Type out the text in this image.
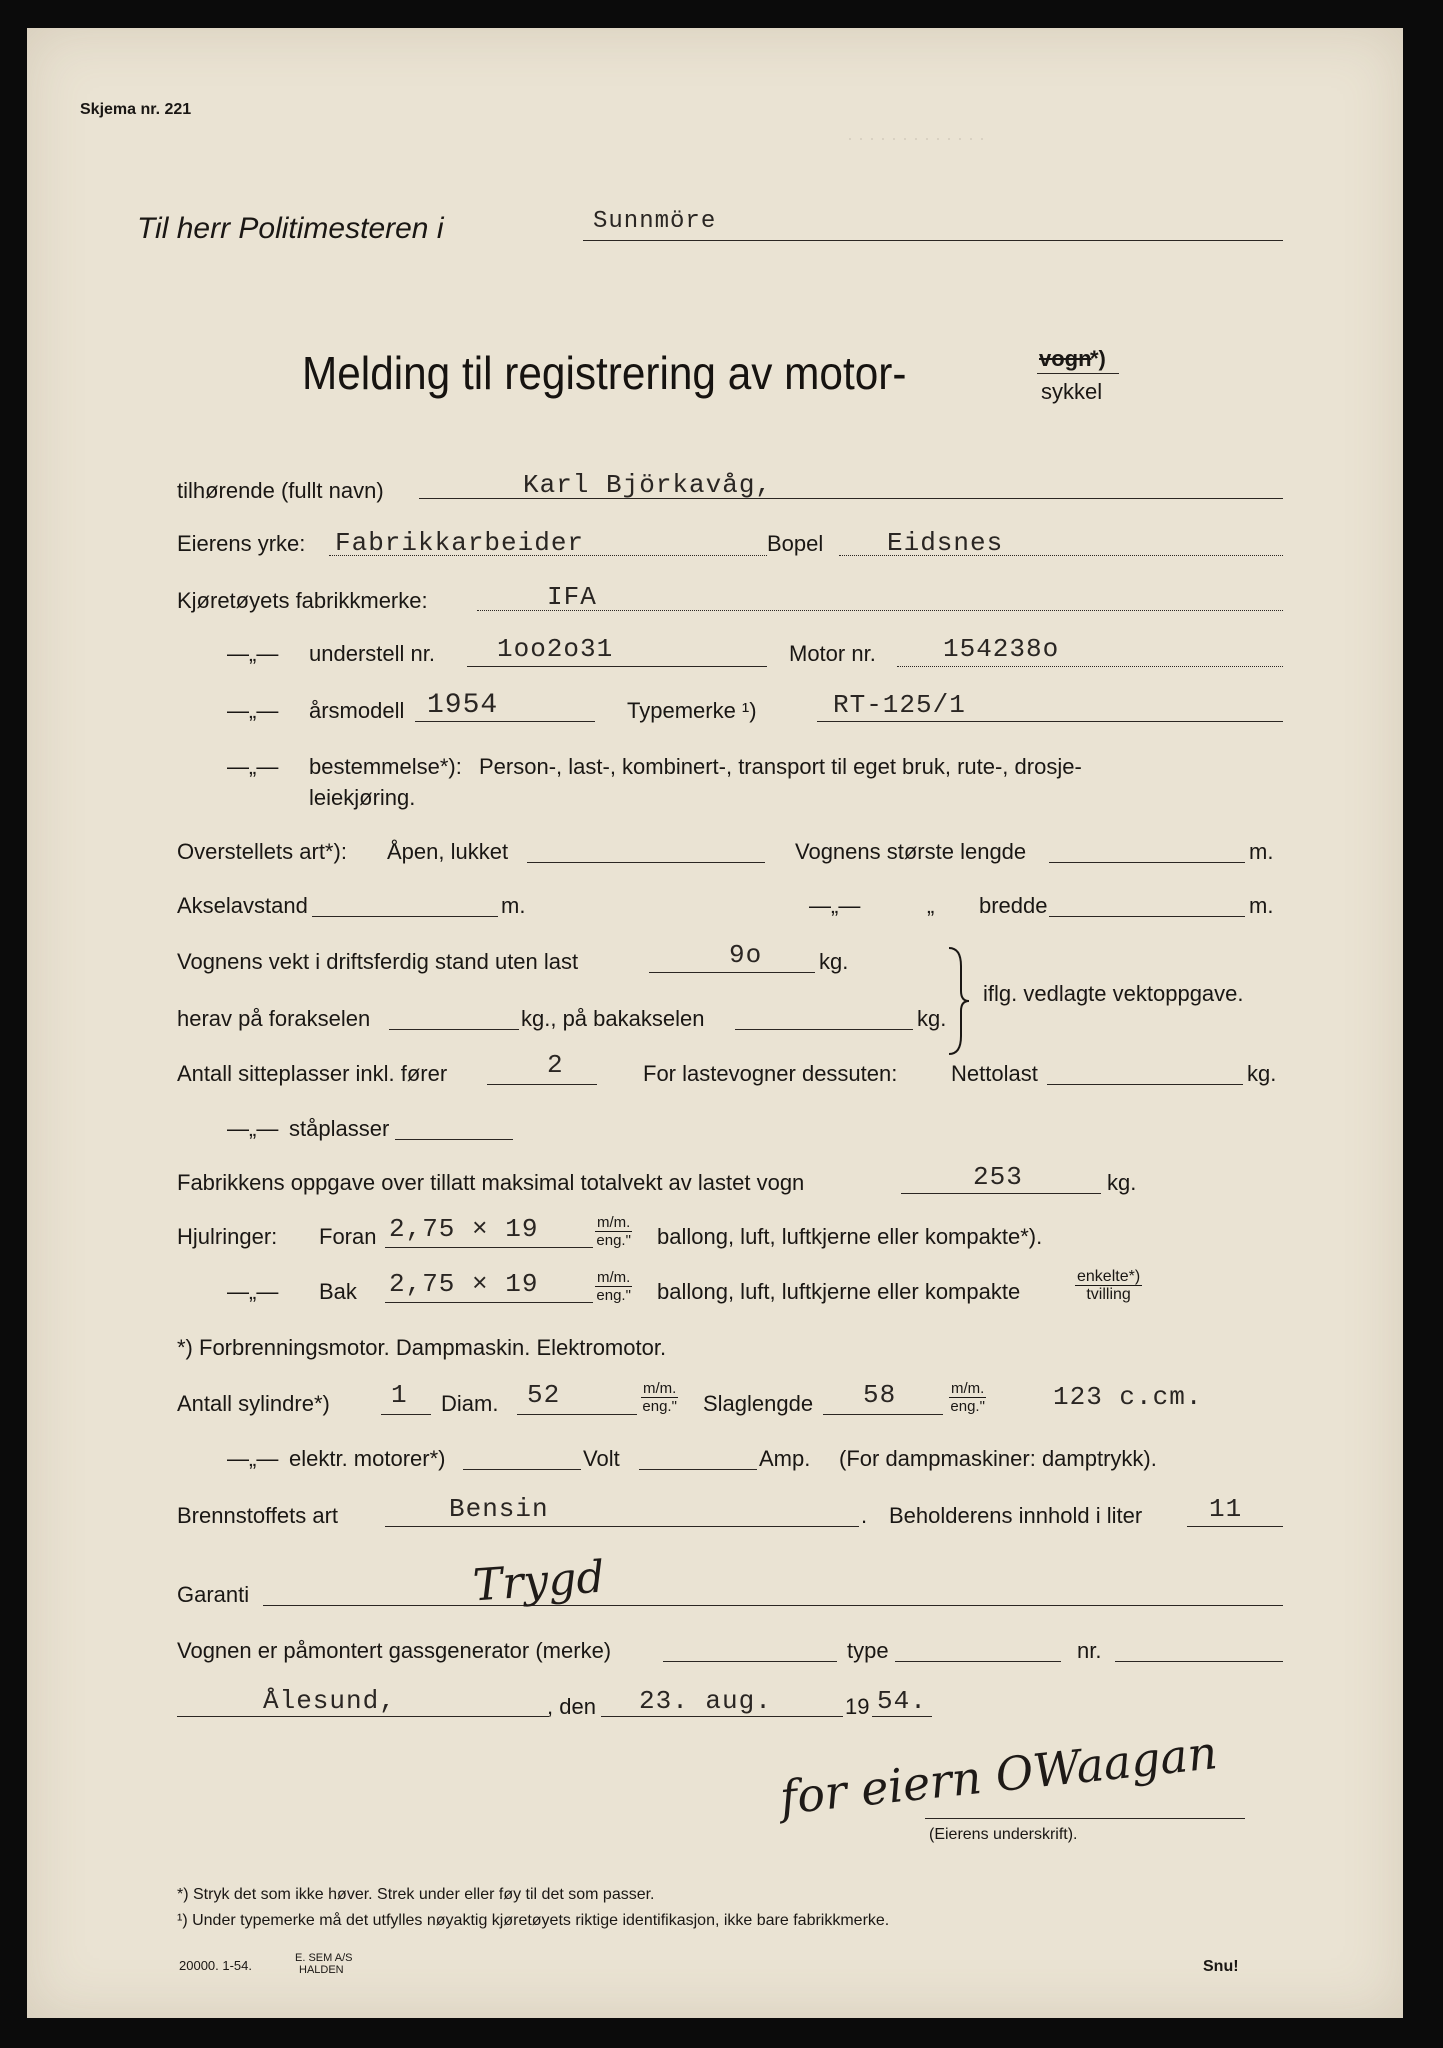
· · · · · · · · · · · · ·
Skjema nr. 221
Til herr Politimesteren i	Sunnmöre
Melding til registrering av motor-	vogn
*)
sykkel
tilhørende (fullt navn)	Karl Björkavåg,
Eierens yrke: Fabrikkarbeider	Bopel Eidsnes
Kjøretøyets fabrikkmerke:	IFA
—„— understell nr. 1oo2o31	Motor nr.	154238o
—„— årsmodell 1954	Typemerke ¹)	RT-125/1
—„— bestemmelse*): Person-, last-, kombinert-, transport til eget bruk, rute-, drosje-
leiekjøring.
Overstellets art*): Åpen, lukket	Vognens største lengde	m.
Akselavstand	m.	—„—	„ bredde	m.
Vognens vekt i driftsferdig stand uten last	9o	kg.
herav på forakselen	kg., på bakakselen	kg.
iflg. vedlagte vektoppgave.
Antall sitteplasser inkl. fører	2	For lastevogner dessuten: Nettolast	kg.
—„— ståplasser
Fabrikkens oppgave over tillatt maksimal totalvekt av lastet vogn	253	kg.
Hjulringer: Foran 2,75 × 19	m/m.
eng." ballong, luft, luftkjerne eller kompakte*).
—„— Bak 2,75 × 19	m/m.
eng." ballong, luft, luftkjerne eller kompakte
enkelte*)
tvilling
*) Forbrenningsmotor. Dampmaskin. Elektromotor.
Antall sylindre*) 1 Diam. 52	m/m.
eng." Slaglengde 58	m/m.
eng."	123 c.cm.
—„— elektr. motorer*)	Volt	Amp. (For dampmaskiner: damptrykk).
Brennstoffets art	Bensin	. Beholderens innhold i liter	11
Garanti	Trygd
Vognen er påmontert gassgenerator (merke)	type	nr.
Ålesund,	, den 23. aug.	19 54.
for eiern OWaagan
(Eierens underskrift).
*) Stryk det som ikke høver. Strek under eller føy til det som passer.
¹) Under typemerke må det utfylles nøyaktig kjøretøyets riktige identifikasjon, ikke bare fabrikkmerke.
20000. 1-54.	E. SEM A/S
HALDEN	Snu!
